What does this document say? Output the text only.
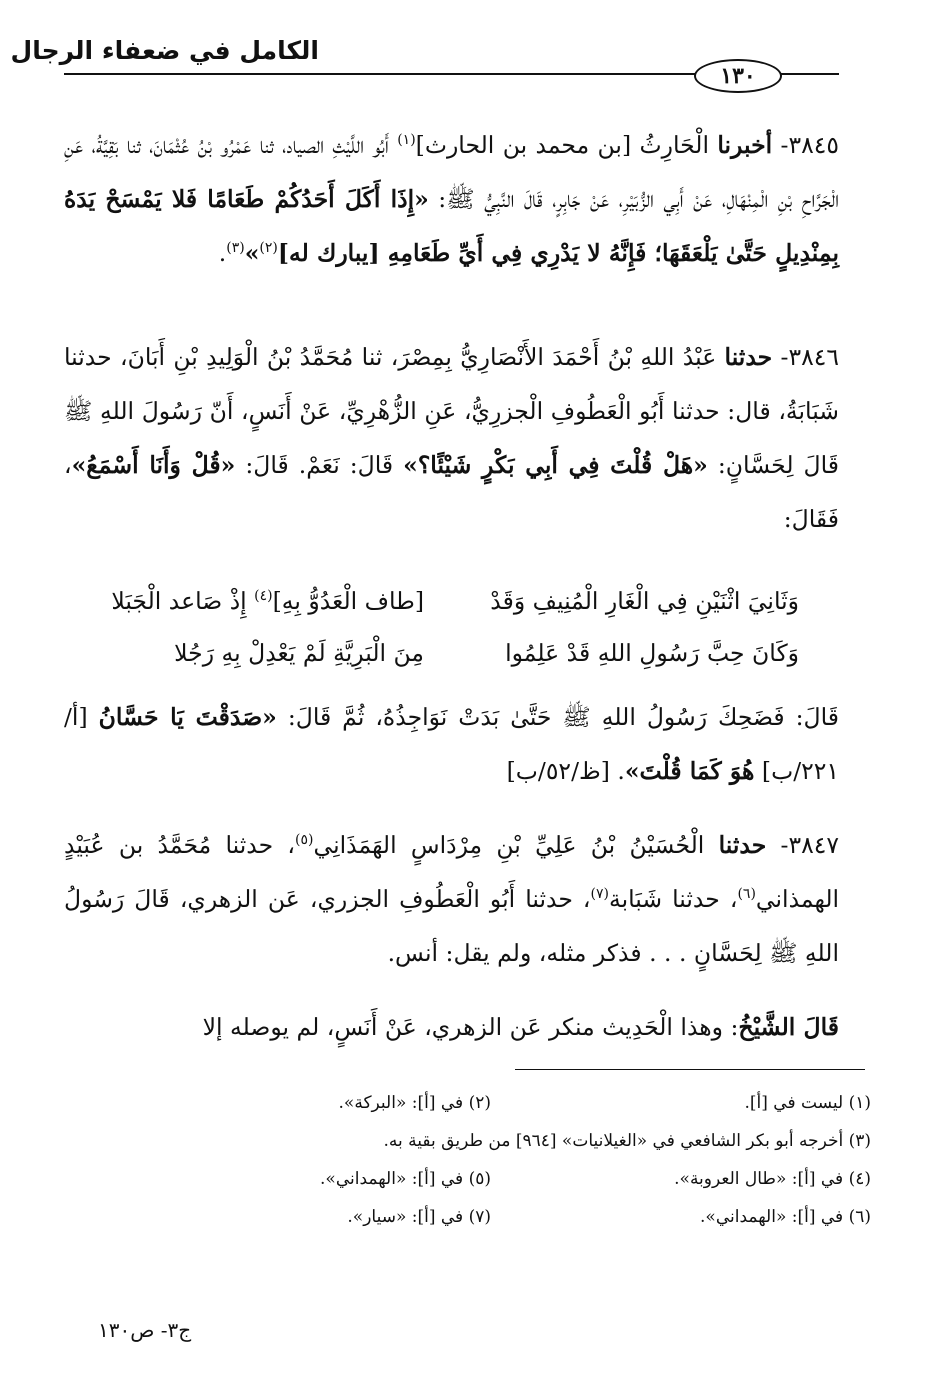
الكامل في ضعفاء الرجال
١٣٠

٣٨٤٥- أخبرنا الْحَارِثُ [بن محمد بن الحارث]$^{(١)}$ أَبُو اللَّيْثِ الصياد، ثنا عَمْرُو بْنُ عُثْمَانَ، ثنا بَقِيَّةُ، عَنِ الْجَرَّاحِ بْنِ الْمِنْهَالِ، عَنْ أَبِي الزُّبَيْرِ، عَنْ جَابِرٍ، قَالَ النَّبِيُّ ﷺ: «إِذَا أَكَلَ أَحَدُكُمْ طَعَامًا فَلا يَمْسَحْ يَدَهُ بِمِنْدِيلٍ حَتَّىٰ يَلْعَقَهَا؛ فَإِنَّهُ لا يَدْرِي فِي أَيِّ طَعَامِهِ [يبارك له]$^{(٢)}$»$^{(٣)}$.

٣٨٤٦- حدثنا عَبْدُ اللهِ بْنُ أَحْمَدَ الأَنْصَارِيُّ بِمِصْرَ، ثنا مُحَمَّدُ بْنُ الْوَلِيدِ بْنِ أَبَانَ، حدثنا شَبَابَةُ، قال: حدثنا أَبُو الْعَطُوفِ الْجزرِيُّ، عَنِ الزُّهْرِيِّ، عَنْ أَنَسٍ، أَنّ رَسُولَ اللهِ ﷺ قَالَ لِحَسَّانٍ: «هَلْ قُلْتَ فِي أَبِي بَكْرٍ شَيْئًا؟» قَالَ: نَعَمْ. قَالَ: «قُلْ وَأَنَا أَسْمَعُ»، فَقَالَ:

وَثَانِيَ اثْنَيْنِ فِي الْغَارِ الْمُنِيفِ وَقَدْ
[طاف الْعَدُوُّ بِهِ]$^{(٤)}$ إِذْ صَاعد الْجَبَلا
وَكَانَ حِبَّ رَسُولِ اللهِ قَدْ عَلِمُوا
مِنَ الْبَرِيَّةِ لَمْ يَعْدِلْ بِهِ رَجُلا

قَالَ: فَضَحِكَ رَسُولُ اللهِ ﷺ حَتَّىٰ بَدَتْ نَوَاجِذُهُ، ثُمَّ قَالَ: «صَدَقْتَ يَا حَسَّانُ [أ/٢٢١/ب] هُوَ كَمَا قُلْتَ». [ظ/٥٢/ب]

٣٨٤٧- حدثنا الْحُسَيْنُ بْنُ عَلِيِّ بْنِ مِرْدَاسٍ الهَمَذَانِي$^{(٥)}$، حدثنا مُحَمَّدُ بن عُبَيْدٍ الهمذاني$^{(٦)}$، حدثنا شَبَابة$^{(٧)}$، حدثنا أَبُو الْعَطُوفِ الجزري، عَن الزهري، قَالَ رَسُولُ اللهِ ﷺ لِحَسَّانٍ . . . فذكر مثله، ولم يقل: أنس.

قَالَ الشَّيْخُ: وهذا الْحَدِيث منكر عَن الزهري، عَنْ أَنَسٍ، لم يوصله إلا

(١) ليست في [أ].
(٢) في [أ]: «البركة».
(٣) أخرجه أبو بكر الشافعي في «الغيلانيات» [٩٦٤] من طريق بقية به.
(٤) في [أ]: «طال العروبة».
(٥) في [أ]: «الهمداني».
(٦) في [أ]: «الهمداني».
(٧) في [أ]: «سيار».
ج٣- ص١٣٠
